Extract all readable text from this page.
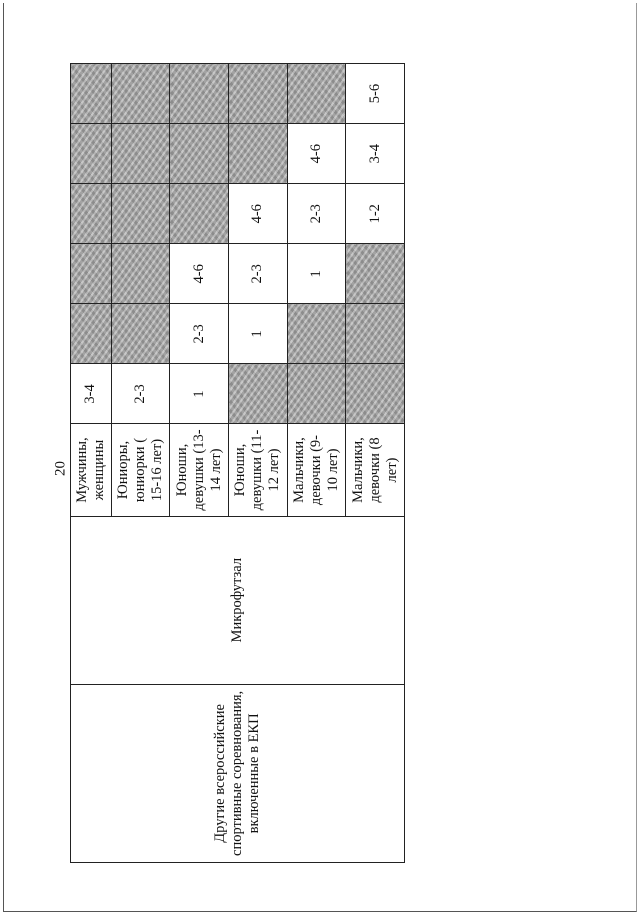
20
Другие всероссийские спортивные соревнования, включенные в ЕКП	Микрофутзал	Мужчины, женщины	3-4					
		Юниоры, юниорки ( 15-16 лет)	2-3					
		Юноши, девушки (13-14 лет)	1	2-3	4-6			
		Юноши, девушки (11-12 лет)		1	2-3	4-6		
		Мальчики, девочки (9-10 лет)			1	2-3	4-6	
		Мальчики, девочки (8 лет)				1-2	3-4	5-6
